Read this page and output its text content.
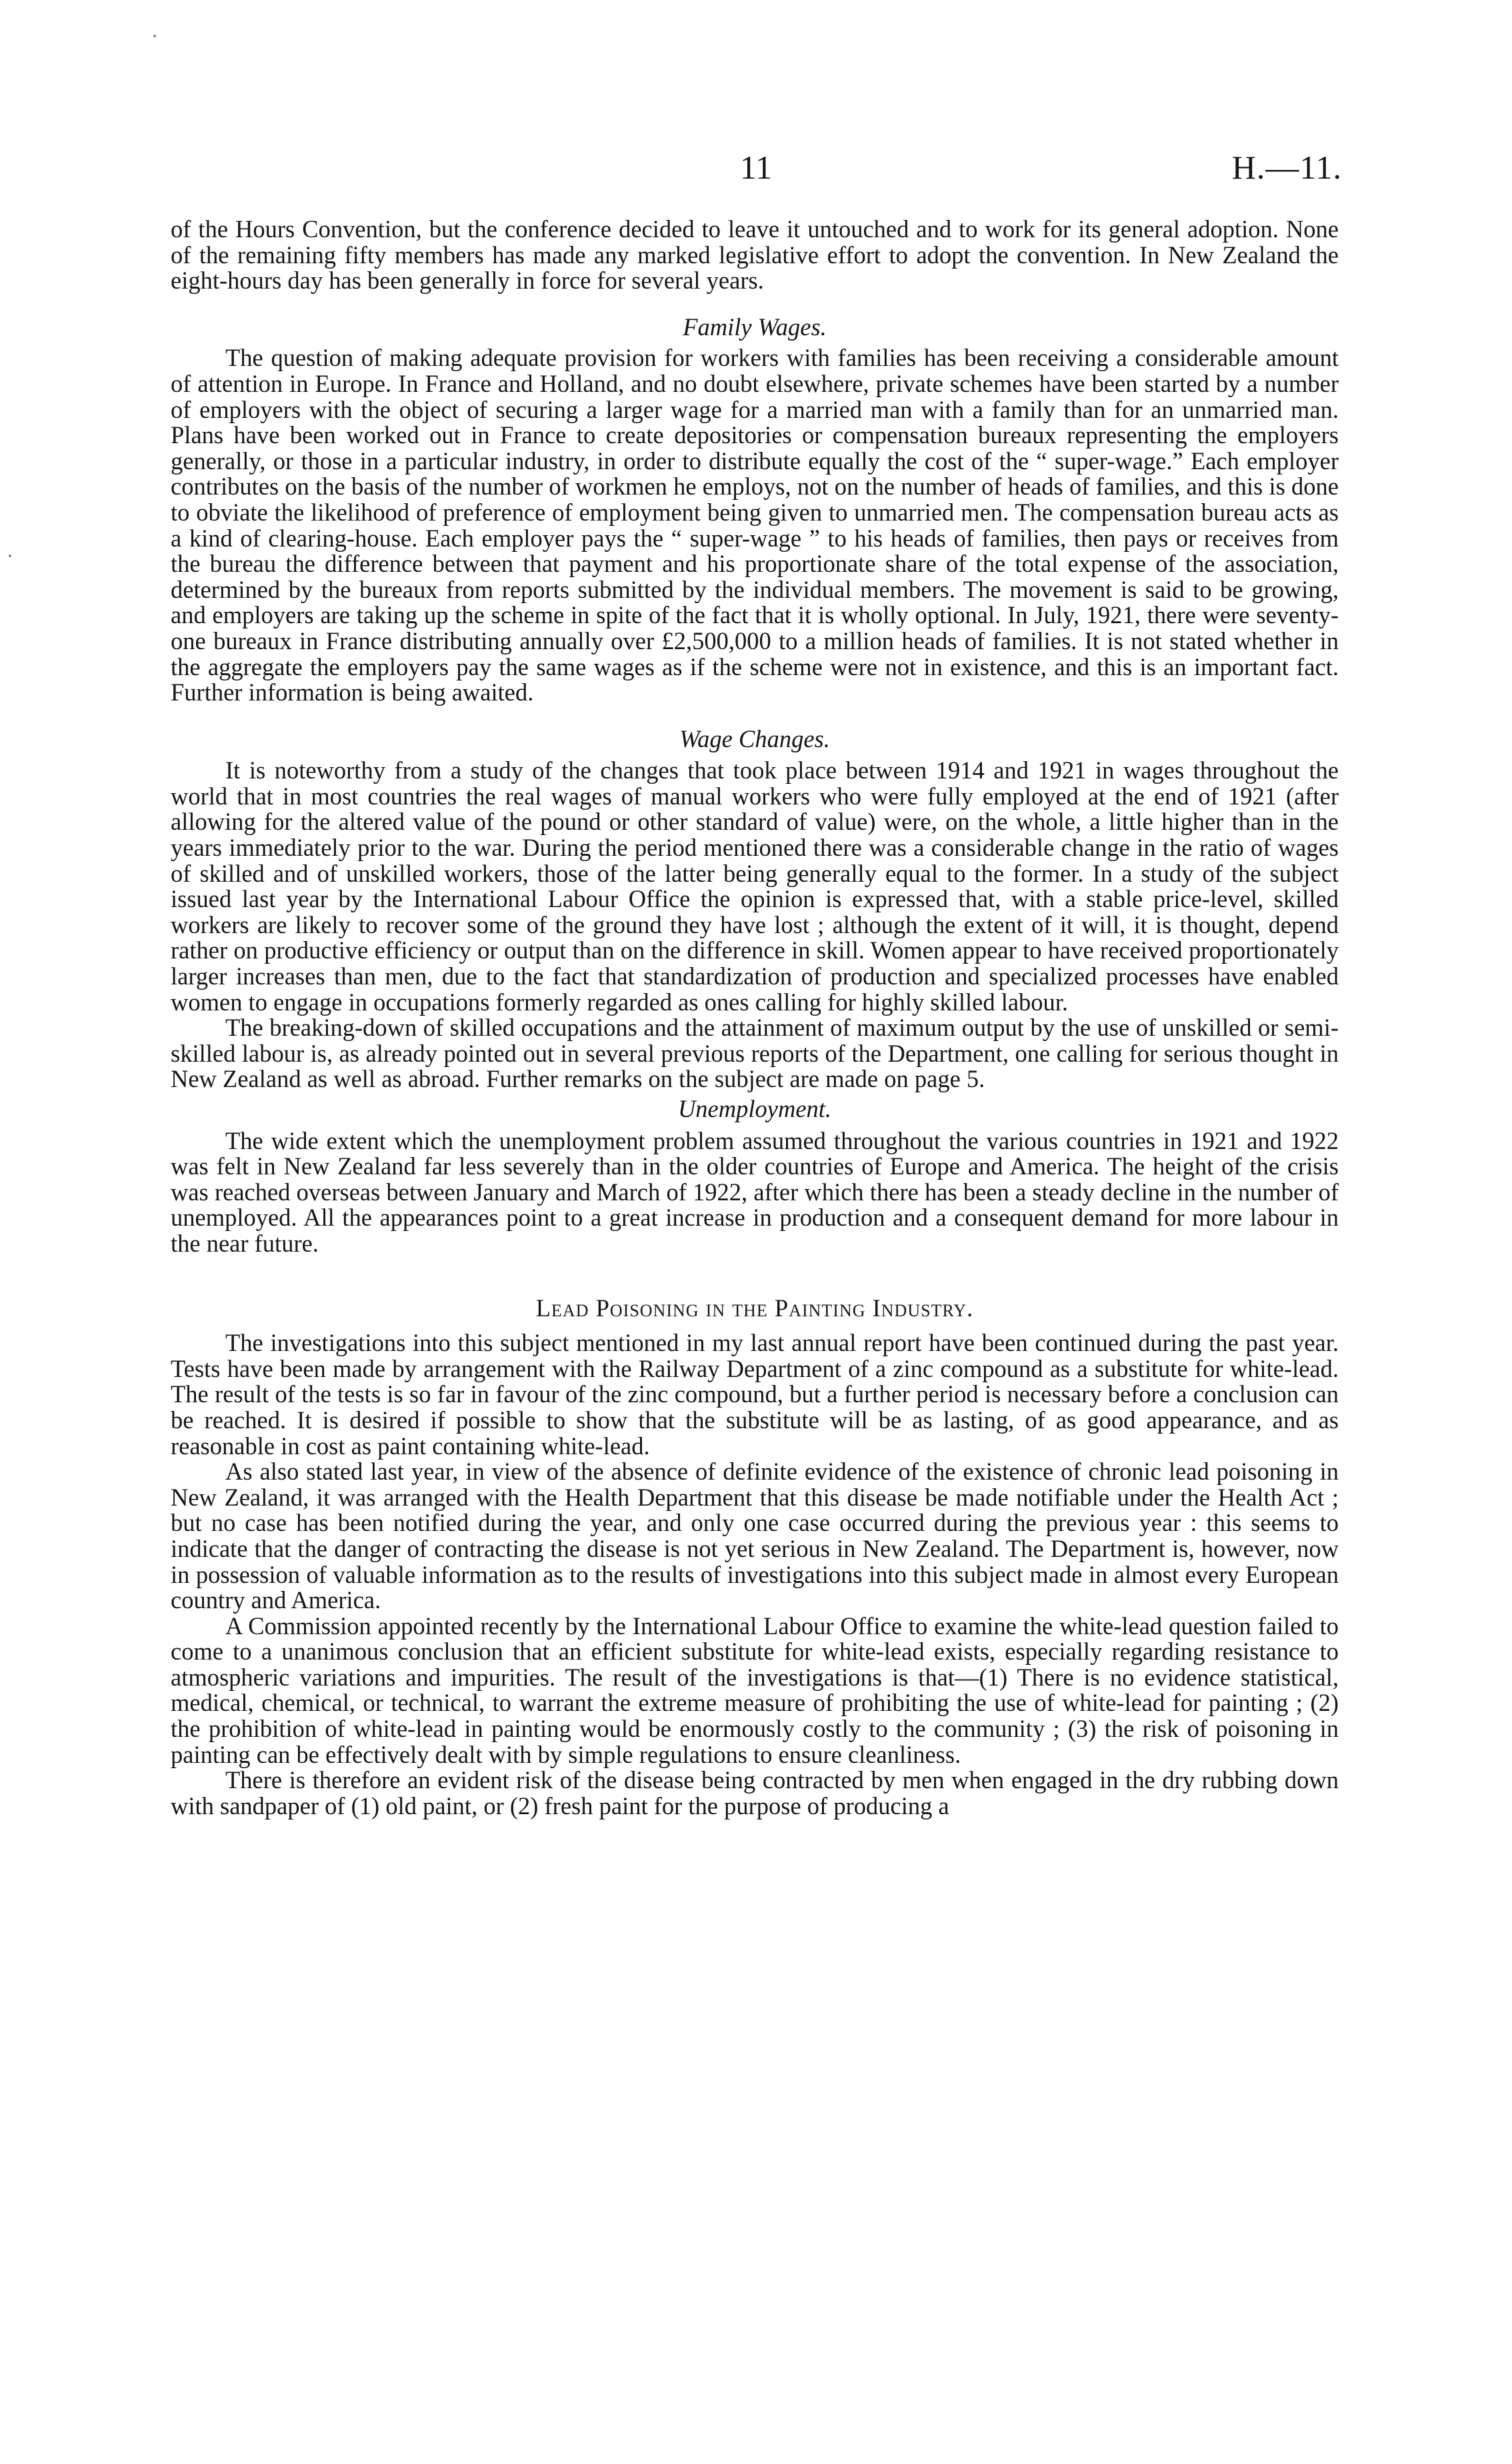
11	H.—11.

of the Hours Convention, but the conference decided to leave it untouched and to work for its general adoption. None of the remaining fifty members has made any marked legislative effort to adopt the convention. In New Zealand the eight-hours day has been generally in force for several years.

Family Wages.

The question of making adequate provision for workers with families has been receiving a considerable amount of attention in Europe. In France and Holland, and no doubt elsewhere, private schemes have been started by a number of employers with the object of securing a larger wage for a married man with a family than for an unmarried man. Plans have been worked out in France to create depositories or compensation bureaux representing the employers generally, or those in a particular industry, in order to distribute equally the cost of the “ super-wage.” Each employer contributes on the basis of the number of workmen he employs, not on the number of heads of families, and this is done to obviate the likelihood of preference of employment being given to unmarried men. The compensation bureau acts as a kind of clearing-house. Each employer pays the “ super-wage ” to his heads of families, then pays or receives from the bureau the difference between that payment and his proportionate share of the total expense of the association, determined by the bureaux from reports submitted by the individual members. The movement is said to be growing, and employers are taking up the scheme in spite of the fact that it is wholly optional. In July, 1921, there were seventy-one bureaux in France distributing annually over £2,500,000 to a million heads of families. It is not stated whether in the aggregate the employers pay the same wages as if the scheme were not in existence, and this is an important fact. Further information is being awaited.

Wage Changes.

It is noteworthy from a study of the changes that took place between 1914 and 1921 in wages throughout the world that in most countries the real wages of manual workers who were fully employed at the end of 1921 (after allowing for the altered value of the pound or other standard of value) were, on the whole, a little higher than in the years immediately prior to the war. During the period mentioned there was a considerable change in the ratio of wages of skilled and of unskilled workers, those of the latter being generally equal to the former. In a study of the subject issued last year by the International Labour Office the opinion is expressed that, with a stable price-level, skilled workers are likely to recover some of the ground they have lost ; although the extent of it will, it is thought, depend rather on productive efficiency or output than on the difference in skill. Women appear to have received proportionately larger increases than men, due to the fact that standardization of production and specialized processes have enabled women to engage in occupations formerly regarded as ones calling for highly skilled labour.

The breaking-down of skilled occupations and the attainment of maximum output by the use of unskilled or semi-skilled labour is, as already pointed out in several previous reports of the Department, one calling for serious thought in New Zealand as well as abroad. Further remarks on the subject are made on page 5.

Unemployment.

The wide extent which the unemployment problem assumed throughout the various countries in 1921 and 1922 was felt in New Zealand far less severely than in the older countries of Europe and America. The height of the crisis was reached overseas between January and March of 1922, after which there has been a steady decline in the number of unemployed. All the appearances point to a great increase in production and a consequent demand for more labour in the near future.

Lead Poisoning in the Painting Industry.

The investigations into this subject mentioned in my last annual report have been continued during the past year. Tests have been made by arrangement with the Railway Department of a zinc compound as a substitute for white-lead. The result of the tests is so far in favour of the zinc compound, but a further period is necessary before a conclusion can be reached. It is desired if possible to show that the substitute will be as lasting, of as good appearance, and as reasonable in cost as paint containing white-lead.

As also stated last year, in view of the absence of definite evidence of the existence of chronic lead poisoning in New Zealand, it was arranged with the Health Department that this disease be made notifiable under the Health Act ; but no case has been notified during the year, and only one case occurred during the previous year : this seems to indicate that the danger of contracting the disease is not yet serious in New Zealand. The Department is, however, now in possession of valuable information as to the results of investigations into this subject made in almost every European country and America.

A Commission appointed recently by the International Labour Office to examine the white-lead question failed to come to a unanimous conclusion that an efficient substitute for white-lead exists, especially regarding resistance to atmospheric variations and impurities. The result of the investigations is that—(1) There is no evidence statistical, medical, chemical, or technical, to warrant the extreme measure of prohibiting the use of white-lead for painting ; (2) the prohibition of white-lead in painting would be enormously costly to the community ; (3) the risk of poisoning in painting can be effectively dealt with by simple regulations to ensure cleanliness.

There is therefore an evident risk of the disease being contracted by men when engaged in the dry rubbing down with sandpaper of (1) old paint, or (2) fresh paint for the purpose of producing a
